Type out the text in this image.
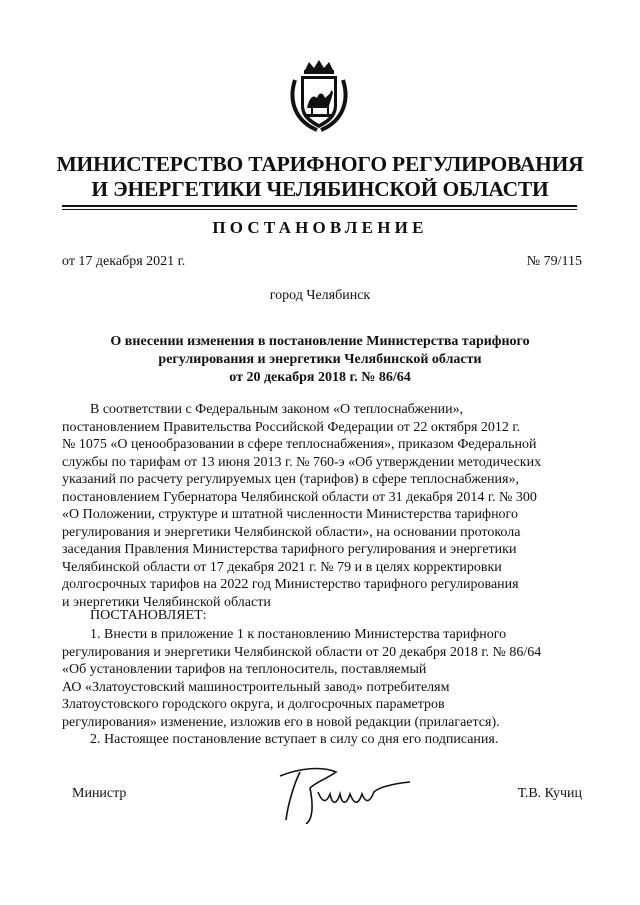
МИНИСТЕРСТВО ТАРИФНОГО РЕГУЛИРОВАНИЯ
И ЭНЕРГЕТИКИ ЧЕЛЯБИНСКОЙ ОБЛАСТИ
ПОСТАНОВЛЕНИЕ
от 17 декабря 2021 г.	№ 79/115
город Челябинск
О внесении изменения в постановление Министерства тарифного
регулирования и энергетики Челябинской области
от 20 декабря 2018 г. № 86/64
В соответствии с Федеральным законом «О теплоснабжении»,
постановлением Правительства Российской Федерации от 22 октября 2012 г.
№ 1075 «О ценообразовании в сфере теплоснабжения», приказом Федеральной
службы по тарифам от 13 июня 2013 г. № 760-э «Об утверждении методических
указаний по расчету регулируемых цен (тарифов) в сфере теплоснабжения»,
постановлением Губернатора Челябинской области от 31 декабря 2014 г. № 300
«О Положении, структуре и штатной численности Министерства тарифного
регулирования и энергетики Челябинской области», на основании протокола
заседания Правления Министерства тарифного регулирования и энергетики
Челябинской области от 17 декабря 2021 г. № 79 и в целях корректировки
долгосрочных тарифов на 2022 год Министерство тарифного регулирования
и энергетики Челябинской области
ПОСТАНОВЛЯЕТ:
1. Внести в приложение 1 к постановлению Министерства тарифного
регулирования и энергетики Челябинской области от 20 декабря 2018 г. № 86/64
«Об установлении тарифов на теплоноситель, поставляемый
АО «Златоустовский машиностроительный завод» потребителям
Златоустовского городского округа, и долгосрочных параметров
регулирования» изменение, изложив его в новой редакции (прилагается).
2. Настоящее постановление вступает в силу со дня его подписания.
Министр	Т.В. Кучиц
